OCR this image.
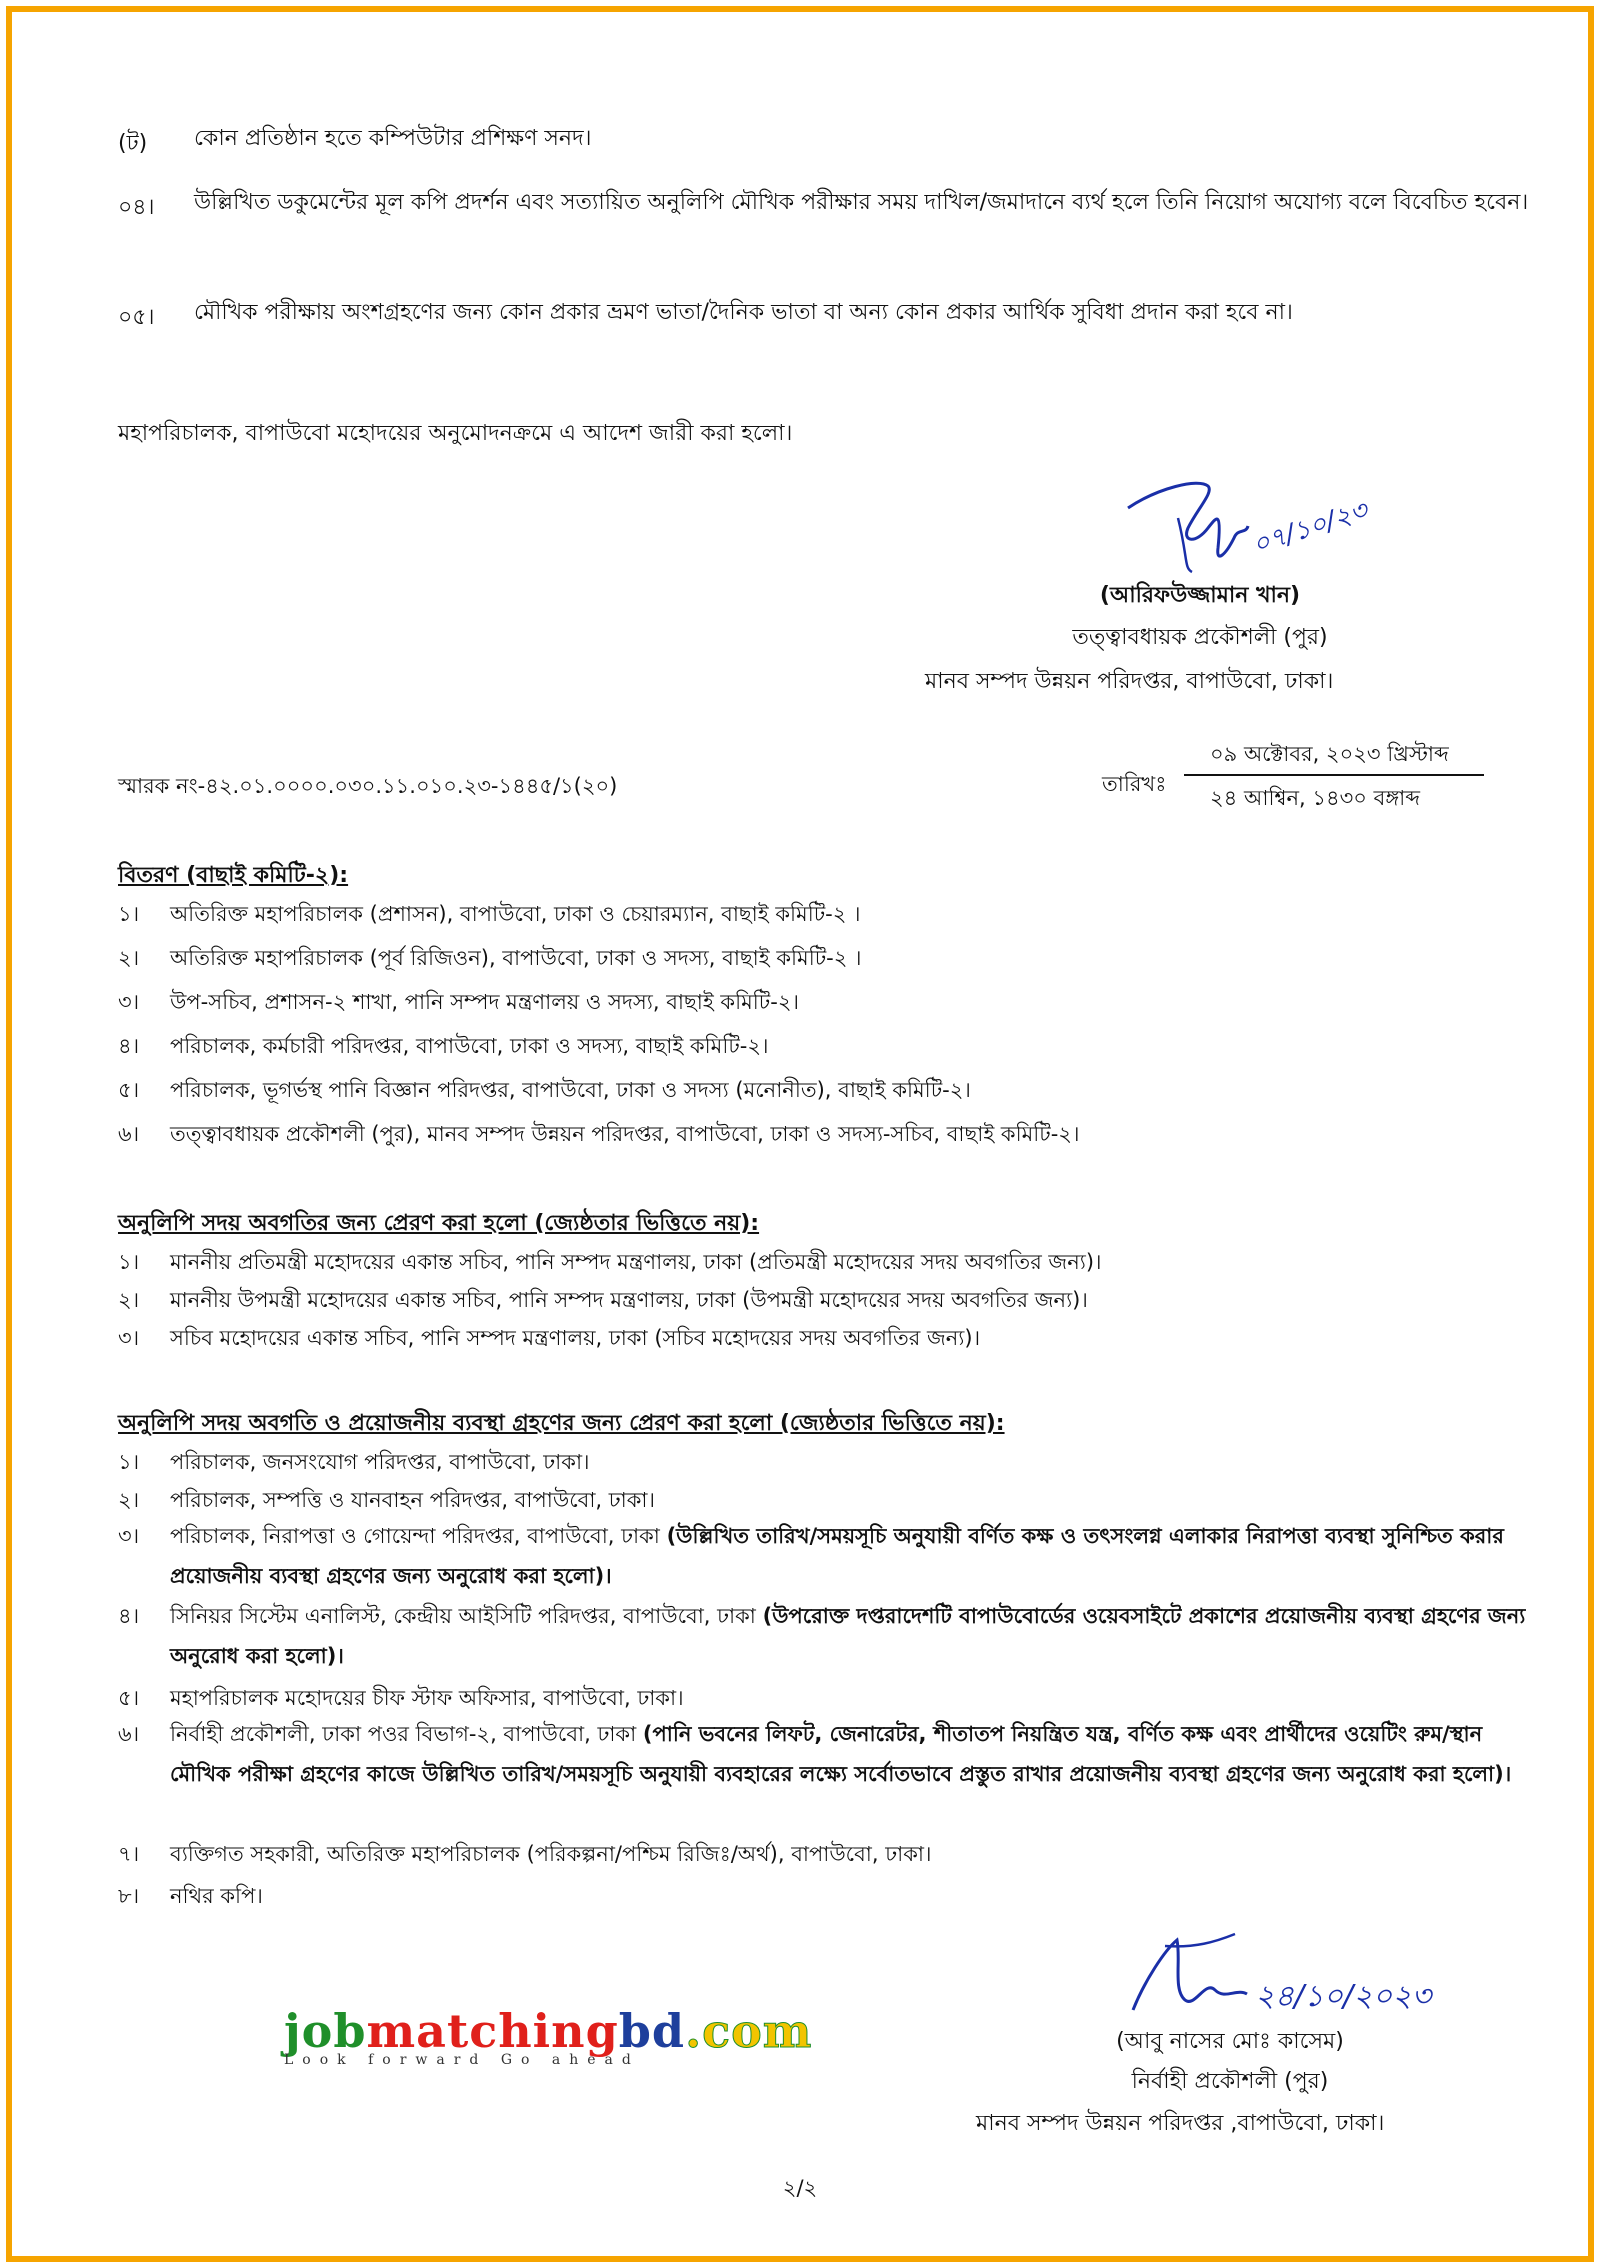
(ট) কোন প্রতিষ্ঠান হতে কম্পিউটার প্রশিক্ষণ সনদ।
০৪। উল্লিখিত ডকুমেন্টের মূল কপি প্রদর্শন এবং সত্যায়িত অনুলিপি মৌখিক পরীক্ষার সময় দাখিল/জমাদানে ব্যর্থ হলে তিনি নিয়োগ অযোগ্য বলে বিবেচিত হবেন।
০৫। মৌখিক পরীক্ষায় অংশগ্রহণের জন্য কোন প্রকার ভ্রমণ ভাতা/দৈনিক ভাতা বা অন্য কোন প্রকার আর্থিক সুবিধা প্রদান করা হবে না।
মহাপরিচালক, বাপাউবো মহোদয়ের অনুমোদনক্রমে এ আদেশ জারী করা হলো।
০৭/১০/২৩
(আরিফউজ্জামান খান)
তত্ত্বাবধায়ক প্রকৌশলী (পুর)
মানব সম্পদ উন্নয়ন পরিদপ্তর, বাপাউবো, ঢাকা।
স্মারক নং-৪২.০১.০০০০.০৩০.১১.০১০.২৩-১৪৪৫/১(২০)	তারিখঃ
০৯ অক্টোবর, ২০২৩ খ্রিস্টাব্দ
২৪ আশ্বিন, ১৪৩০ বঙ্গাব্দ
বিতরণ (বাছাই কমিটি-২):
১। অতিরিক্ত মহাপরিচালক (প্রশাসন), বাপাউবো, ঢাকা ও চেয়ারম্যান, বাছাই কমিটি-২ ।
২। অতিরিক্ত মহাপরিচালক (পূর্ব রিজিওন), বাপাউবো, ঢাকা ও সদস্য, বাছাই কমিটি-২ ।
৩। উপ-সচিব, প্রশাসন-২ শাখা, পানি সম্পদ মন্ত্রণালয় ও সদস্য, বাছাই কমিটি-২।
৪। পরিচালক, কর্মচারী পরিদপ্তর, বাপাউবো, ঢাকা ও সদস্য, বাছাই কমিটি-২।
৫। পরিচালক, ভূগর্ভস্থ পানি বিজ্ঞান পরিদপ্তর, বাপাউবো, ঢাকা ও সদস্য (মনোনীত), বাছাই কমিটি-২।
৬। তত্ত্বাবধায়ক প্রকৌশলী (পুর), মানব সম্পদ উন্নয়ন পরিদপ্তর, বাপাউবো, ঢাকা ও সদস্য-সচিব, বাছাই কমিটি-২।
অনুলিপি সদয় অবগতির জন্য প্রেরণ করা হলো (জ্যেষ্ঠতার ভিত্তিতে নয়):
১। মাননীয় প্রতিমন্ত্রী মহোদয়ের একান্ত সচিব, পানি সম্পদ মন্ত্রণালয়, ঢাকা (প্রতিমন্ত্রী মহোদয়ের সদয় অবগতির জন্য)।
২। মাননীয় উপমন্ত্রী মহোদয়ের একান্ত সচিব, পানি সম্পদ মন্ত্রণালয়, ঢাকা (উপমন্ত্রী মহোদয়ের সদয় অবগতির জন্য)।
৩। সচিব মহোদয়ের একান্ত সচিব, পানি সম্পদ মন্ত্রণালয়, ঢাকা (সচিব মহোদয়ের সদয় অবগতির জন্য)।
অনুলিপি সদয় অবগতি ও প্রয়োজনীয় ব্যবস্থা গ্রহণের জন্য প্রেরণ করা হলো (জ্যেষ্ঠতার ভিত্তিতে নয়):
১। পরিচালক, জনসংযোগ পরিদপ্তর, বাপাউবো, ঢাকা।
২। পরিচালক, সম্পত্তি ও যানবাহন পরিদপ্তর, বাপাউবো, ঢাকা।
৩। পরিচালক, নিরাপত্তা ও গোয়েন্দা পরিদপ্তর, বাপাউবো, ঢাকা (উল্লিখিত তারিখ/সময়সূচি অনুযায়ী বর্ণিত কক্ষ ও তৎসংলগ্ন এলাকার নিরাপত্তা ব্যবস্থা সুনিশ্চিত করার প্রয়োজনীয় ব্যবস্থা গ্রহণের জন্য অনুরোধ করা হলো)।
৪। সিনিয়র সিস্টেম এনালিস্ট, কেন্দ্রীয় আইসিটি পরিদপ্তর, বাপাউবো, ঢাকা (উপরোক্ত দপ্তরাদেশটি বাপাউবোর্ডের ওয়েবসাইটে প্রকাশের প্রয়োজনীয় ব্যবস্থা গ্রহণের জন্য অনুরোধ করা হলো)।
৫। মহাপরিচালক মহোদয়ের চীফ স্টাফ অফিসার, বাপাউবো, ঢাকা।
৬। নির্বাহী প্রকৌশলী, ঢাকা পওর বিভাগ-২, বাপাউবো, ঢাকা (পানি ভবনের লিফট, জেনারেটর, শীতাতপ নিয়ন্ত্রিত যন্ত্র, বর্ণিত কক্ষ এবং প্রার্থীদের ওয়েটিং রুম/স্থান মৌখিক পরীক্ষা গ্রহণের কাজে উল্লিখিত তারিখ/সময়সূচি অনুযায়ী ব্যবহারের লক্ষ্যে সর্বোতভাবে প্রস্তুত রাখার প্রয়োজনীয় ব্যবস্থা গ্রহণের জন্য অনুরোধ করা হলো)।
৭। ব্যক্তিগত সহকারী, অতিরিক্ত মহাপরিচালক (পরিকল্পনা/পশ্চিম রিজিঃ/অর্থ), বাপাউবো, ঢাকা।
৮। নথির কপি।
২৪/১০/২০২৩
(আবু নাসের মোঃ কাসেম)
নির্বাহী প্রকৌশলী (পুর)
মানব সম্পদ উন্নয়ন পরিদপ্তর ,বাপাউবো, ঢাকা।
jobmatchingbd.com
Look forward Go ahead
২/২
